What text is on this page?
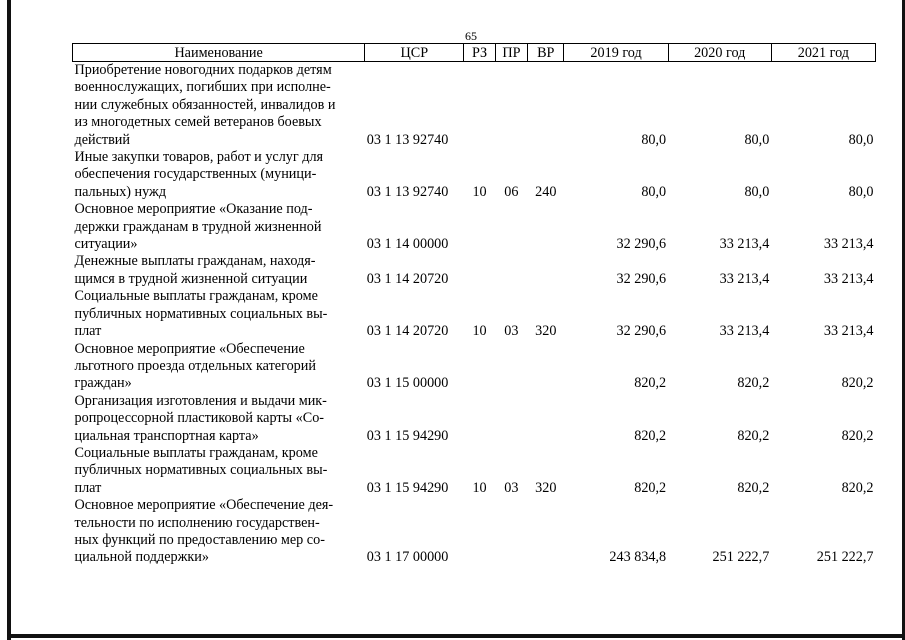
65
Наименование	ЦСР	РЗ	ПР	ВР	2019 год	2020 год	2021 год

Приобретение новогодних подарков детям
военнослужащих, погибших при исполне-
нии служебных обязанностей, инвалидов и
из многодетных семей ветеранов боевых
действий	03 1 13 92740				80,0	80,0	80,0

Иные закупки товаров, работ и услуг для
обеспечения государственных (муници-
пальных) нужд	03 1 13 92740	10	06	240	80,0	80,0	80,0

Основное мероприятие «Оказание под-
держки гражданам в трудной жизненной
ситуации»	03 1 14 00000				32 290,6	33 213,4	33 213,4

Денежные выплаты гражданам, находя-
щимся в трудной жизненной ситуации	03 1 14 20720				32 290,6	33 213,4	33 213,4

Социальные выплаты гражданам, кроме
публичных нормативных социальных вы-
плат	03 1 14 20720	10	03	320	32 290,6	33 213,4	33 213,4

Основное мероприятие «Обеспечение
льготного проезда отдельных категорий
граждан»	03 1 15 00000				820,2	820,2	820,2

Организация изготовления и выдачи мик-
ропроцессорной пластиковой карты «Со-
циальная транспортная карта»	03 1 15 94290				820,2	820,2	820,2

Социальные выплаты гражданам, кроме
публичных нормативных социальных вы-
плат	03 1 15 94290	10	03	320	820,2	820,2	820,2

Основное мероприятие «Обеспечение дея-
тельности по исполнению государствен-
ных функций по предоставлению мер со-
циальной поддержки»	03 1 17 00000				243 834,8	251 222,7	251 222,7
